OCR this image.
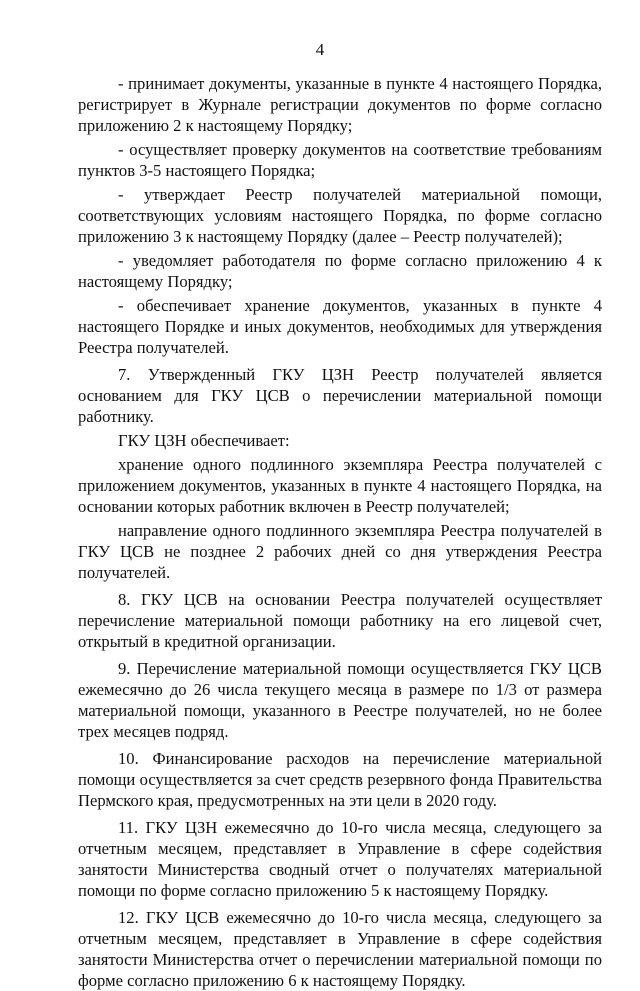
4

- принимает документы, указанные в пункте 4 настоящего Порядка, регистрирует в Журнале регистрации документов по форме согласно приложению 2 к настоящему Порядку;

- осуществляет проверку документов на соответствие требованиям пунктов 3-5 настоящего Порядка;

- утверждает Реестр получателей материальной помощи, соответствующих условиям настоящего Порядка, по форме согласно приложению 3 к настоящему Порядку (далее – Реестр получателей);

- уведомляет работодателя по форме согласно приложению 4 к настоящему Порядку;

- обеспечивает хранение документов, указанных в пункте 4 настоящего Порядке и иных документов, необходимых для утверждения Реестра получателей.

7. Утвержденный ГКУ ЦЗН Реестр получателей является основанием для ГКУ ЦСВ о перечислении материальной помощи работнику.

ГКУ ЦЗН обеспечивает:

хранение одного подлинного экземпляра Реестра получателей с приложением документов, указанных в пункте 4 настоящего Порядка, на основании которых работник включен в Реестр получателей;

направление одного подлинного экземпляра Реестра получателей в ГКУ ЦСВ не позднее 2 рабочих дней со дня утверждения Реестра получателей.

8. ГКУ ЦСВ на основании Реестра получателей осуществляет перечисление материальной помощи работнику на его лицевой счет, открытый в кредитной организации.

9. Перечисление материальной помощи осуществляется ГКУ ЦСВ ежемесячно до 26 числа текущего месяца в размере по 1/3 от размера материальной помощи, указанного в Реестре получателей, но не более трех месяцев подряд.

10. Финансирование расходов на перечисление материальной помощи осуществляется за счет средств резервного фонда Правительства Пермского края, предусмотренных на эти цели в 2020 году.

11. ГКУ ЦЗН ежемесячно до 10-го числа месяца, следующего за отчетным месяцем, представляет в Управление в сфере содействия занятости Министерства сводный отчет о получателях материальной помощи по форме согласно приложению 5 к настоящему Порядку.

12. ГКУ ЦСВ ежемесячно до 10-го числа месяца, следующего за отчетным месяцем, представляет в Управление в сфере содействия занятости Министерства отчет о перечислении материальной помощи по форме согласно приложению 6 к настоящему Порядку.
